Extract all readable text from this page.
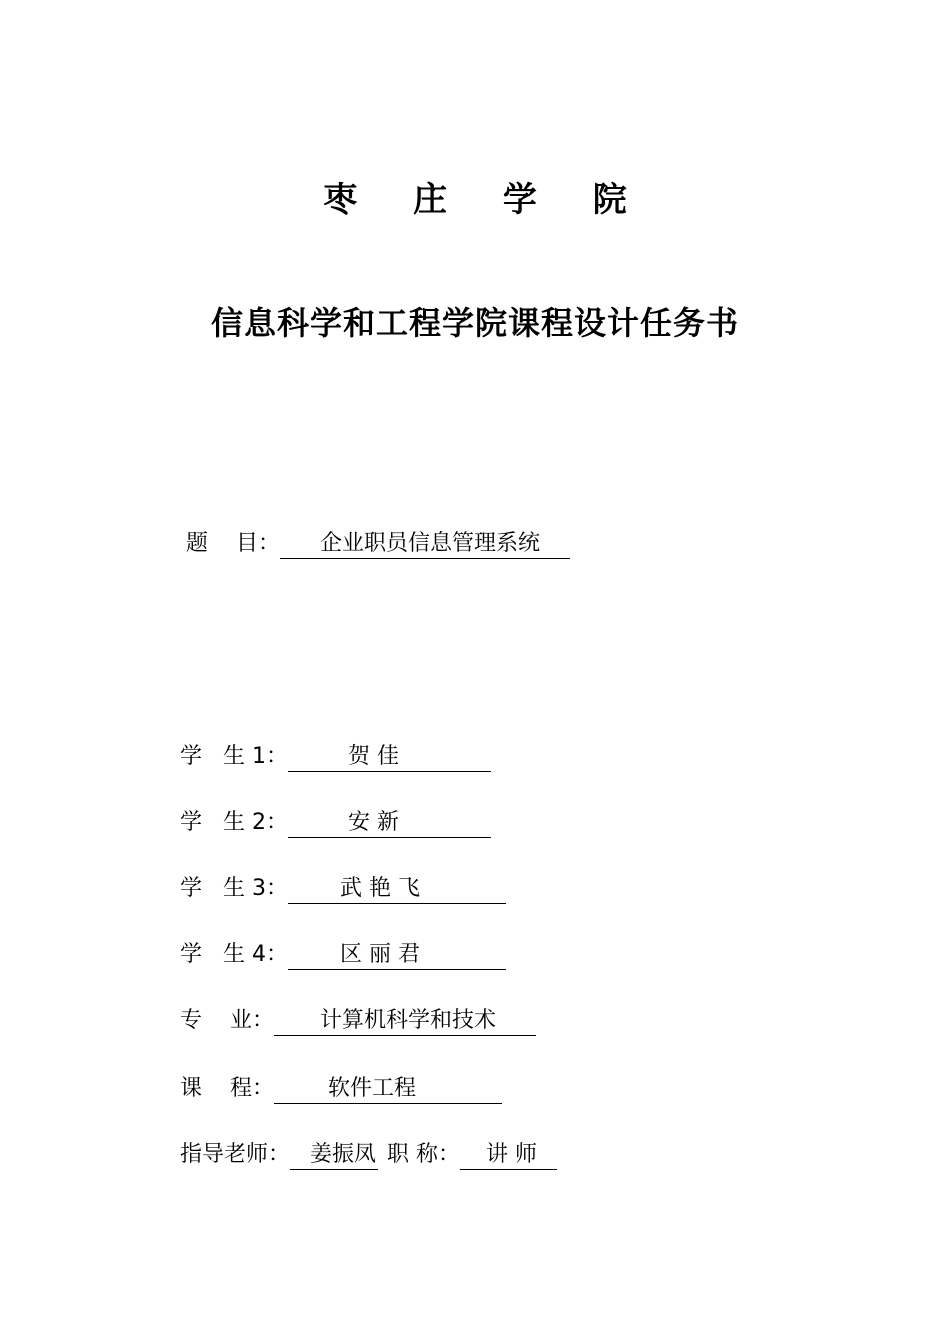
枣 庄 学 院
信息科学和工程学院课程设计任务书
题    目： 企业职员信息管理系统
学   生 1：	贺 佳
学   生 2：	安 新
学   生 3： 武 艳 飞
学   生 4： 区 丽 君
专    业： 计算机科学和技术
课    程： 软件工程
指导老师： 姜振凤 职 称： 讲 师
